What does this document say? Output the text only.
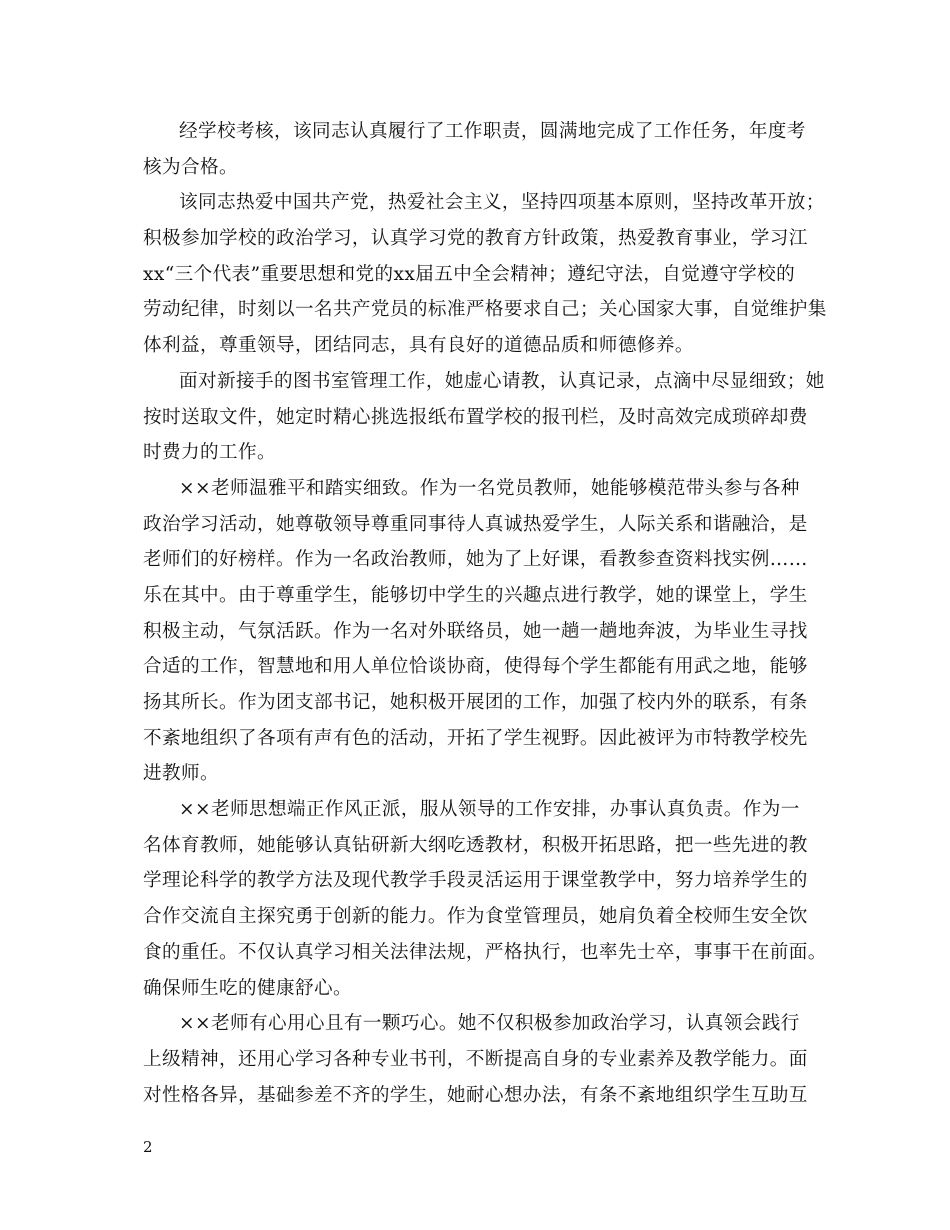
经学校考核，该同志认真履行了工作职责，圆满地完成了工作任务，年度考
核为合格。
该同志热爱中国共产党，热爱社会主义，坚持四项基本原则，坚持改革开放；
积极参加学校的政治学习，认真学习党的教育方针政策，热爱教育事业，学习江
xx“三个代表”重要思想和党的xx届五中全会精神；遵纪守法，自觉遵守学校的
劳动纪律，时刻以一名共产党员的标准严格要求自己；关心国家大事，自觉维护集
体利益，尊重领导，团结同志，具有良好的道德品质和师德修养。
面对新接手的图书室管理工作，她虚心请教，认真记录，点滴中尽显细致；她
按时送取文件，她定时精心挑选报纸布置学校的报刊栏，及时高效完成琐碎却费
时费力的工作。
××老师温雅平和踏实细致。作为一名党员教师，她能够模范带头参与各种
政治学习活动，她尊敬领导尊重同事待人真诚热爱学生，人际关系和谐融洽，是
老师们的好榜样。作为一名政治教师，她为了上好课，看教参查资料找实例……
乐在其中。由于尊重学生，能够切中学生的兴趣点进行教学，她的课堂上，学生
积极主动，气氛活跃。作为一名对外联络员，她一趟一趟地奔波，为毕业生寻找
合适的工作，智慧地和用人单位恰谈协商，使得每个学生都能有用武之地，能够
扬其所长。作为团支部书记，她积极开展团的工作，加强了校内外的联系，有条
不紊地组织了各项有声有色的活动，开拓了学生视野。因此被评为市特教学校先
进教师。
××老师思想端正作风正派，服从领导的工作安排，办事认真负责。作为一
名体育教师，她能够认真钻研新大纲吃透教材，积极开拓思路，把一些先进的教
学理论科学的教学方法及现代教学手段灵活运用于课堂教学中，努力培养学生的
合作交流自主探究勇于创新的能力。作为食堂管理员，她肩负着全校师生安全饮
食的重任。不仅认真学习相关法律法规，严格执行，也率先士卒，事事干在前面。
确保师生吃的健康舒心。
××老师有心用心且有一颗巧心。她不仅积极参加政治学习，认真领会践行
上级精神，还用心学习各种专业书刊，不断提高自身的专业素养及教学能力。面
对性格各异，基础参差不齐的学生，她耐心想办法，有条不紊地组织学生互助互
2
